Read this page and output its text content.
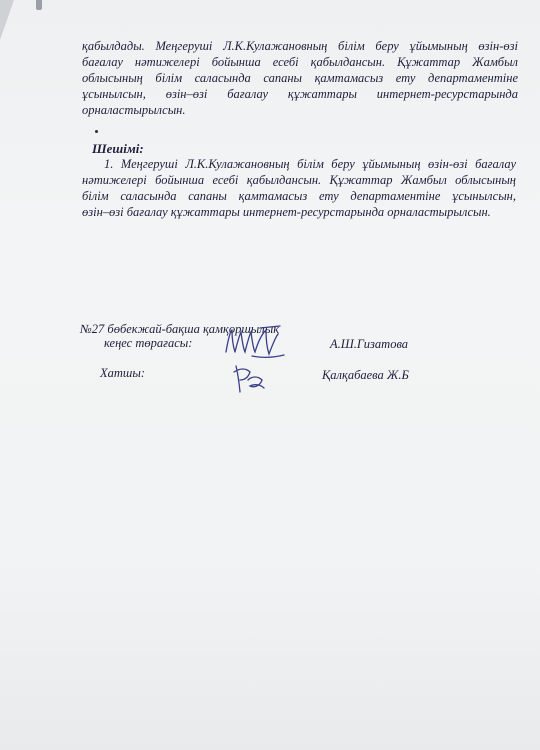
қабылдады. Меңгеруші Л.К.Кулажановның білім беру ұйымының өзін-өзі
бағалау нәтижелері бойынша есебі қабылдансын. Құжаттар Жамбыл
облысының білім саласында сапаны қамтамасыз ету департаментіне
ұсынылсын, өзін–өзі бағалау құжаттары интернет-ресурстарында
орналастырылсын.
Шешімі:
1. Меңгеруші Л.К.Кулажановның білім беру ұйымының өзін-өзі бағалау
нәтижелері бойынша есебі қабылдансын. Құжаттар Жамбыл облысының
білім саласында сапаны қамтамасыз ету департаментіне ұсынылсын,
өзін–өзі бағалау құжаттары интернет-ресурстарында орналастырылсын.
№27 бөбекжай-бақша қамқоршылық
кеңес төрағасы:	А.Ш.Гизатова
Хатшы:	Қалқабаева Ж.Б
